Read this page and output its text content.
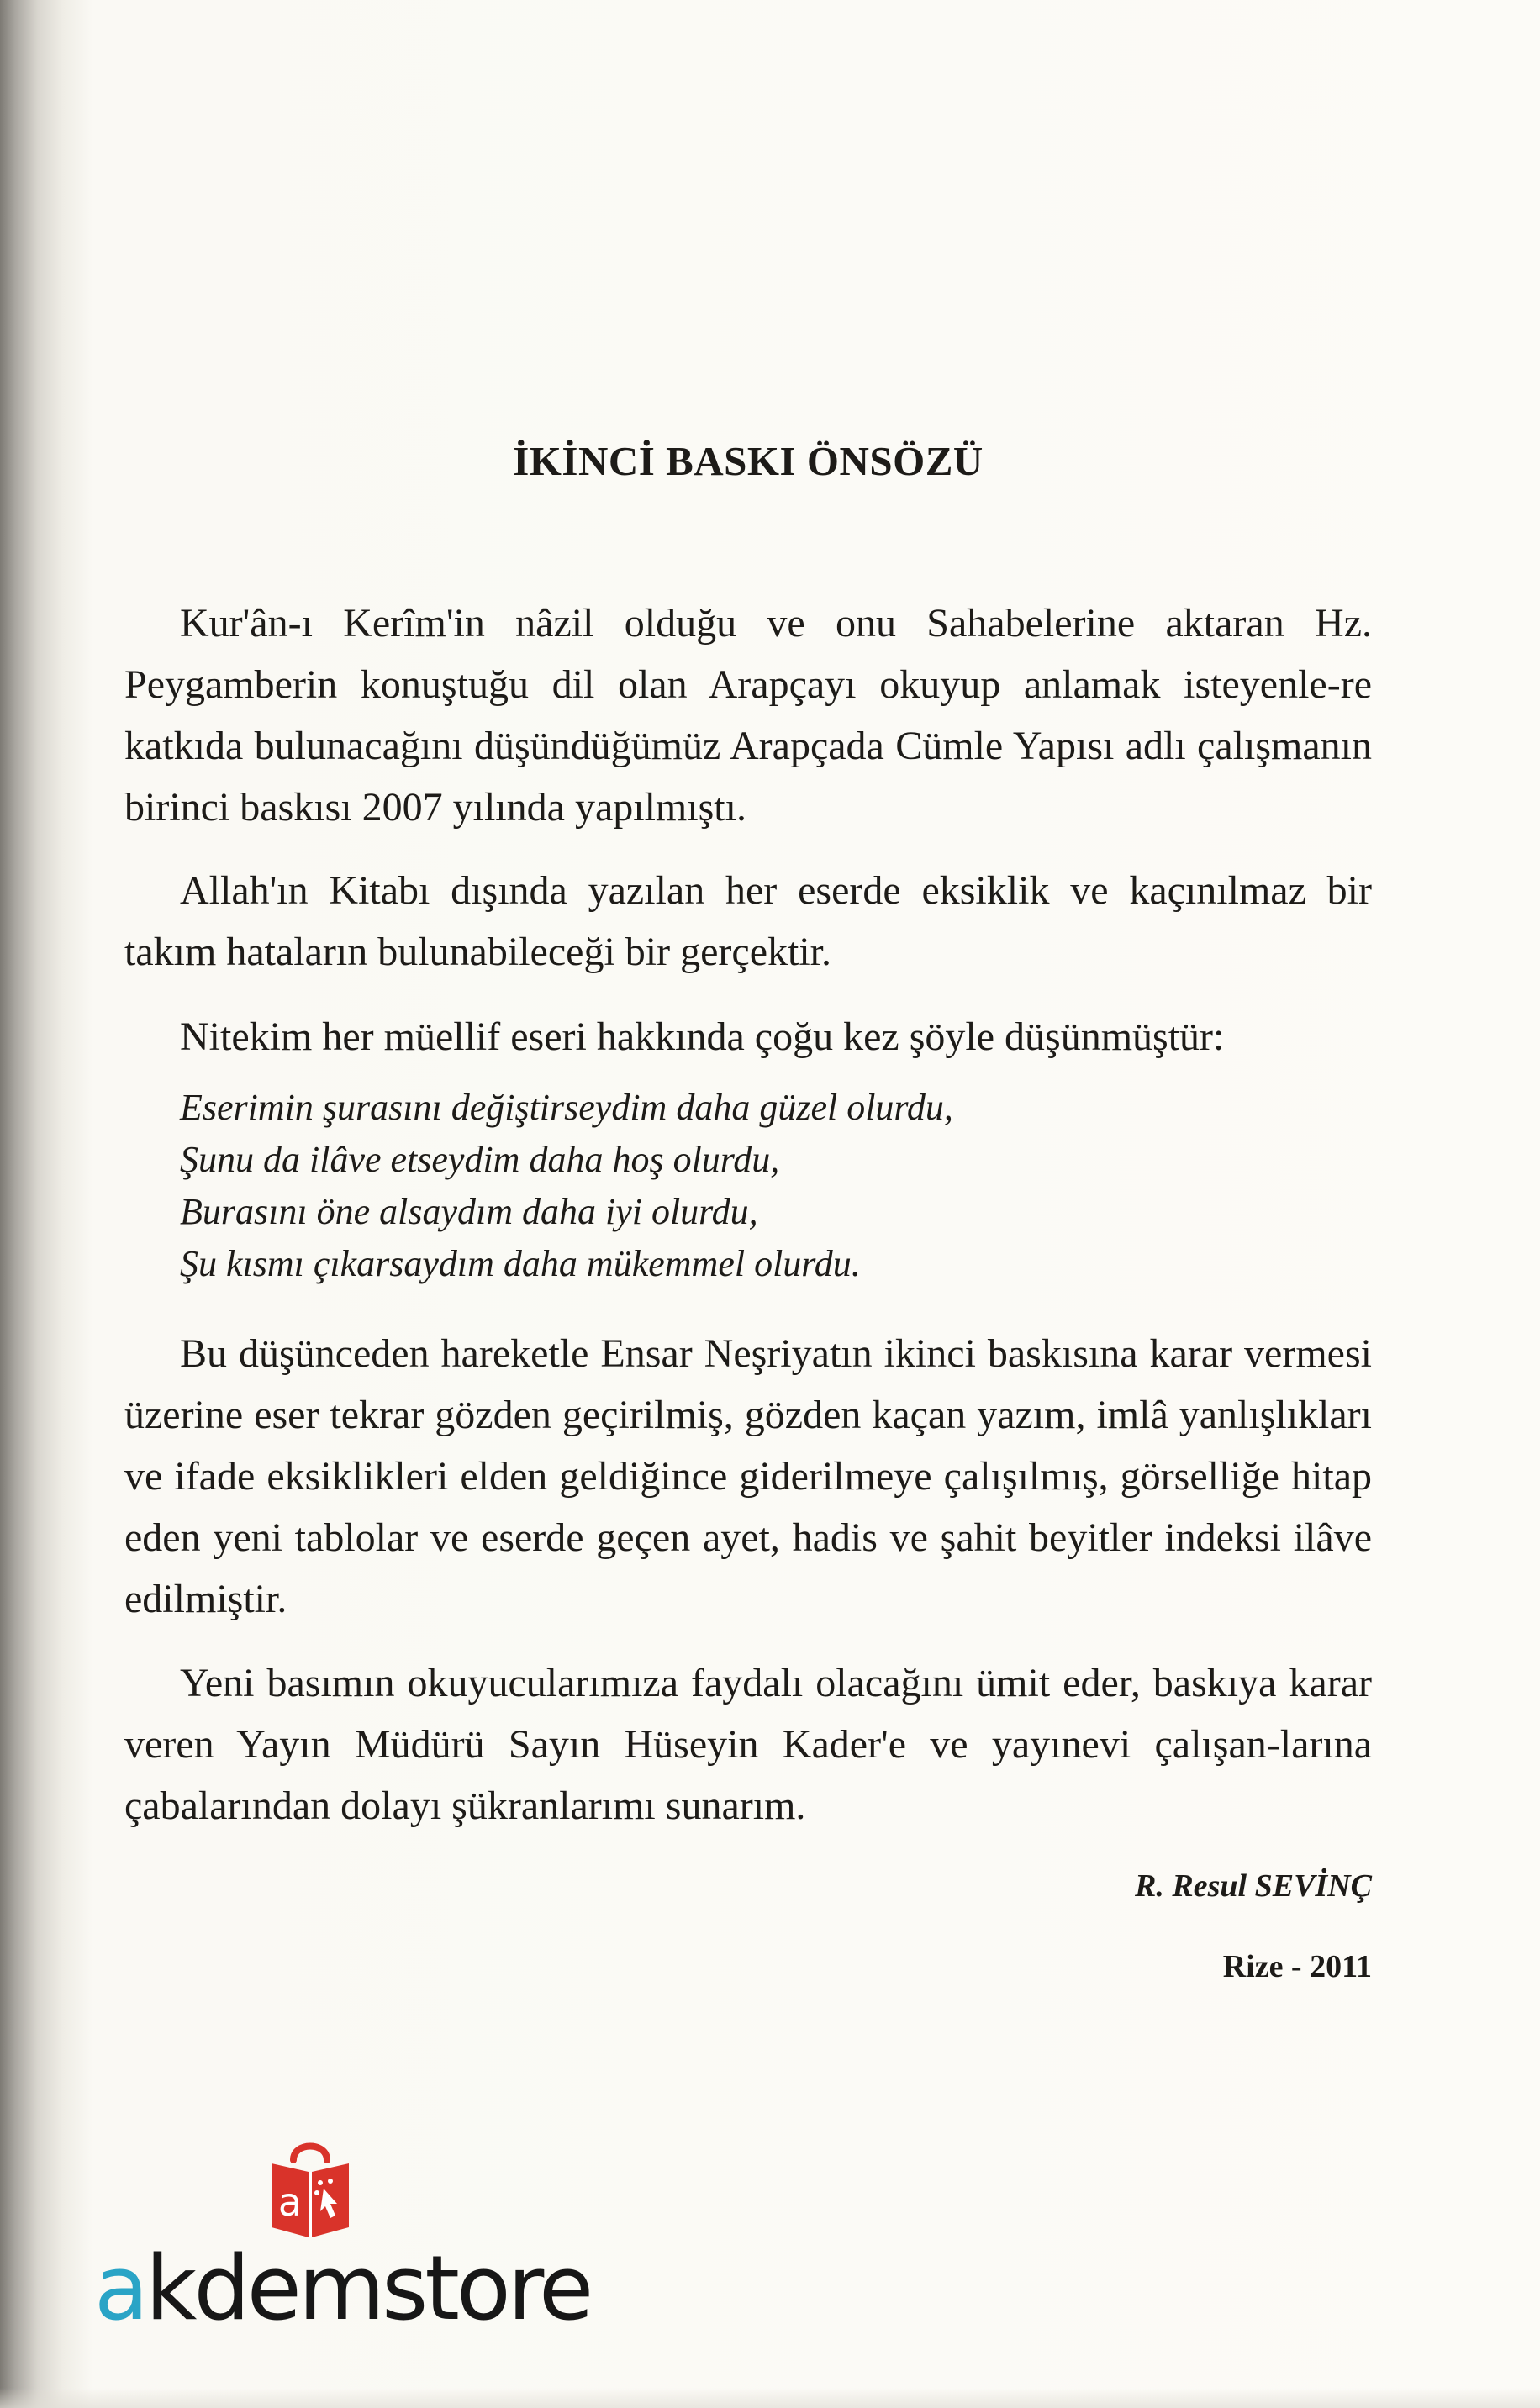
İKİNCİ BASKI ÖNSÖZÜ

Kur'ân-ı Kerîm'in nâzil olduğu ve onu Sahabelerine aktaran Hz. Peygamberin konuştuğu dil olan Arapçayı okuyup anlamak isteyenle-re katkıda bulunacağını düşündüğümüz Arapçada Cümle Yapısı adlı çalışmanın birinci baskısı 2007 yılında yapılmıştı.

Allah'ın Kitabı dışında yazılan her eserde eksiklik ve kaçınılmaz bir takım hataların bulunabileceği bir gerçektir.

Nitekim her müellif eseri hakkında çoğu kez şöyle düşünmüştür:

Eserimin şurasını değiştirseydim daha güzel olurdu,
Şunu da ilâve etseydim daha hoş olurdu,
Burasını öne alsaydım daha iyi olurdu,
Şu kısmı çıkarsaydım daha mükemmel olurdu.

Bu düşünceden hareketle Ensar Neşriyatın ikinci baskısına karar vermesi üzerine eser tekrar gözden geçirilmiş, gözden kaçan yazım, imlâ yanlışlıkları ve ifade eksiklikleri elden geldiğince giderilmeye çalışılmış, görselliğe hitap eden yeni tablolar ve eserde geçen ayet, hadis ve şahit beyitler indeksi ilâve edilmiştir.

Yeni basımın okuyucularımıza faydalı olacağını ümit eder, baskıya karar veren Yayın Müdürü Sayın Hüseyin Kader'e ve yayınevi çalışan-larına çabalarından dolayı şükranlarımı sunarım.

R. Resul SEVİNÇ

Rize - 2011

a
akdemstore
